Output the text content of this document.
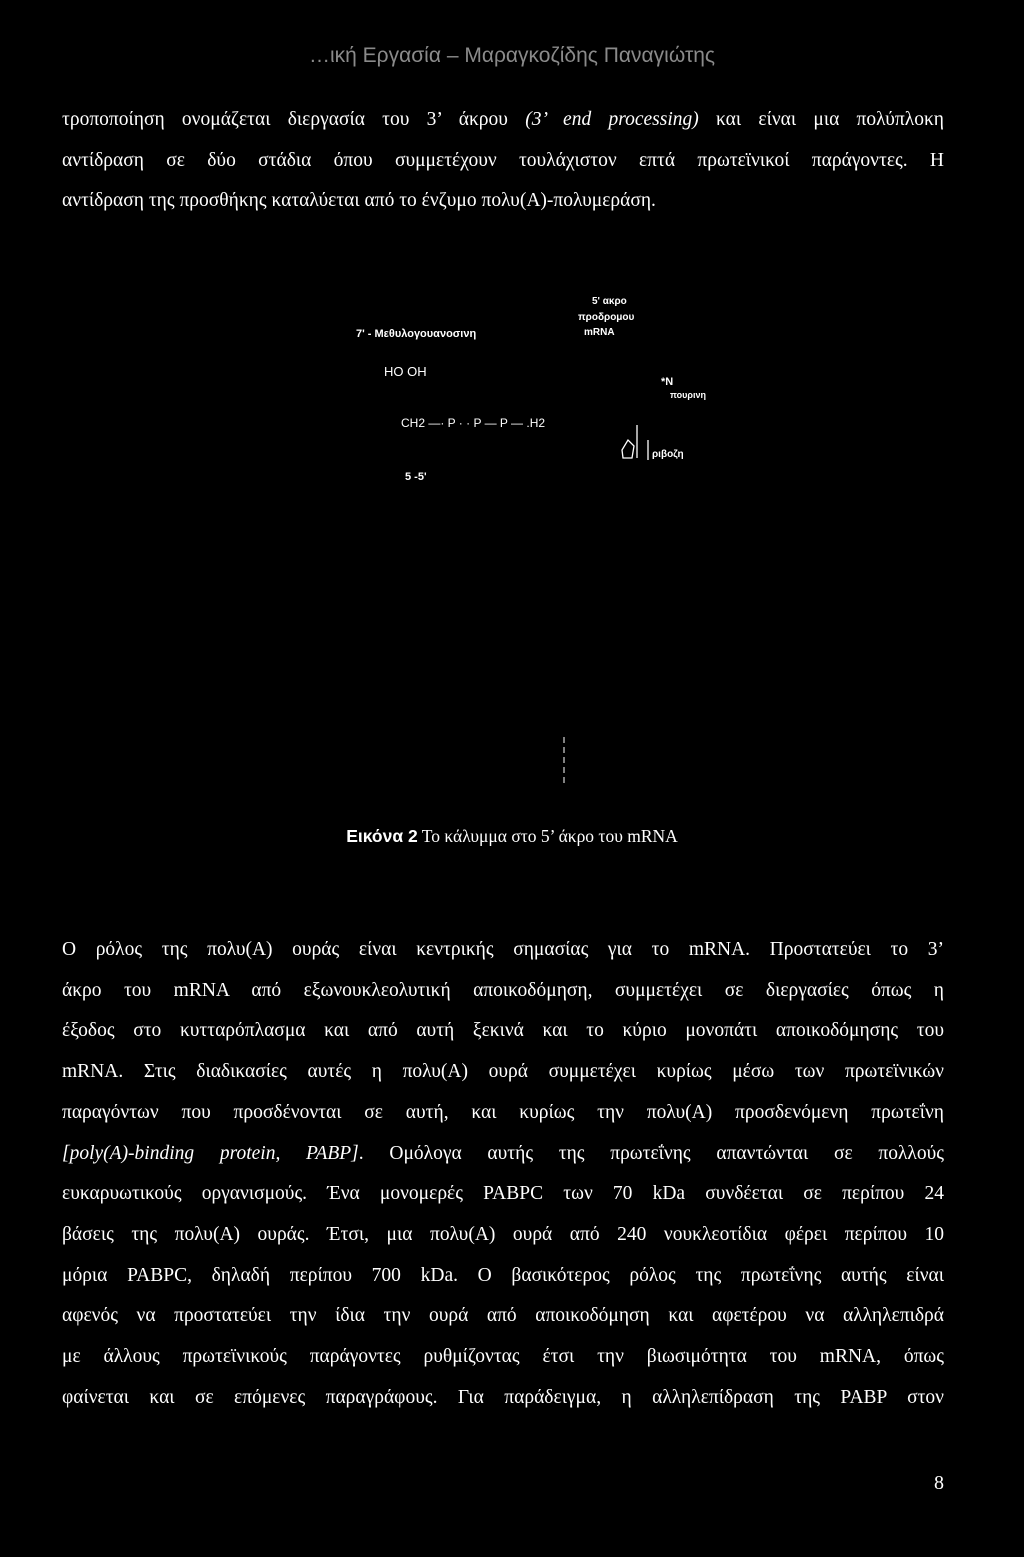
…ική Εργασία – Μαραγκοζίδης Παναγιώτης
τροποποίηση ονομάζεται διεργασία του 3’ άκρου (3’ end processing) και είναι μια πολύπλοκη
αντίδραση σε δύο στάδια όπου συμμετέχουν τουλάχιστον επτά πρωτεϊνικοί παράγοντες. Η
αντίδραση της προσθήκης καταλύεται από το ένζυμο πολυ(Α)-πολυμεράση.
7' - Μεθυλογουανοσινη
5' ακρο
προδρομου
mRNA
HO OH
*N
πουρινη
CH2 —· P · · P — P — .H2
ριβοζη
5 -5'
Εικόνα 2 Το κάλυμμα στο 5’ άκρο του mRNA
Ο ρόλος της πολυ(Α) ουράς είναι κεντρικής σημασίας για το mRNA. Προστατεύει το 3’
άκρο του mRNA από εξωνουκλεολυτική αποικοδόμηση, συμμετέχει σε διεργασίες όπως η
έξοδος στο κυτταρόπλασμα και από αυτή ξεκινά και το κύριο μονοπάτι αποικοδόμησης του
mRNA. Στις διαδικασίες αυτές η πολυ(Α) ουρά συμμετέχει κυρίως μέσω των πρωτεϊνικών
παραγόντων που προσδένονται σε αυτή, και κυρίως την πολυ(Α) προσδενόμενη πρωτεΐνη
[poly(A)-binding protein, PABP]. Ομόλογα αυτής της πρωτεΐνης απαντώνται σε πολλούς
ευκαρυωτικούς οργανισμούς. Ένα μονομερές PABPC των 70 kDa συνδέεται σε περίπου 24
βάσεις της πολυ(Α) ουράς. Έτσι, μια πολυ(Α) ουρά από 240 νουκλεοτίδια φέρει περίπου 10
μόρια PABPC, δηλαδή περίπου 700 kDa. Ο βασικότερος ρόλος της πρωτεΐνης αυτής είναι
αφενός να προστατεύει την ίδια την ουρά από αποικοδόμηση και αφετέρου να αλληλεπιδρά
με άλλους πρωτεϊνικούς παράγοντες ρυθμίζοντας έτσι την βιωσιμότητα του mRNA, όπως
φαίνεται και σε επόμενες παραγράφους. Για παράδειγμα, η αλληλεπίδραση της PABP στον
8
